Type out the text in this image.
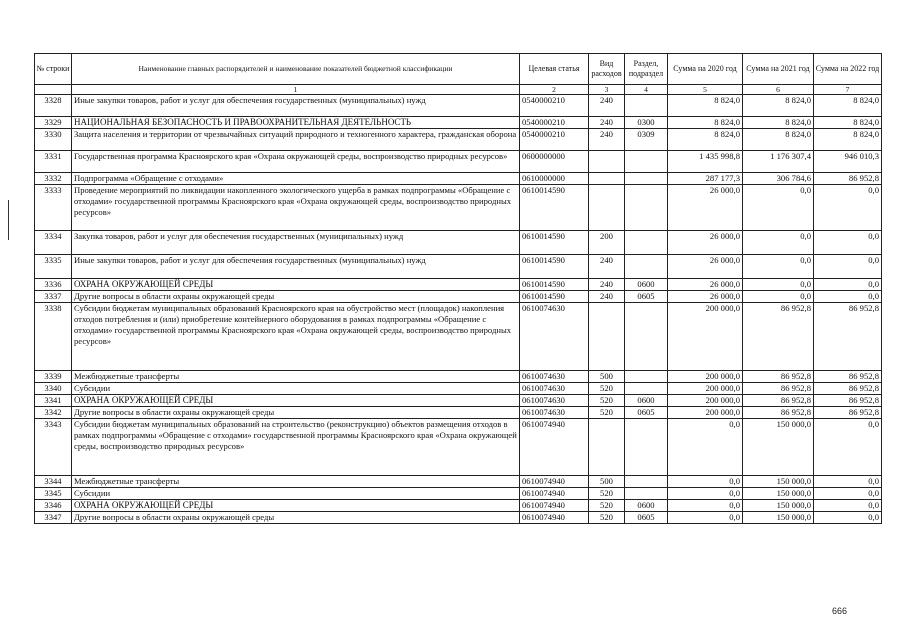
№ строки	Наименование главных распорядителей и наименование показателей бюджетной классификации	Целевая статья	Вид расходов	Раздел, подраздел	Сумма на 2020 год	Сумма на 2021 год	Сумма на 2022 год
	1	2	3	4	5	6	7
3328	Иные закупки товаров, работ и услуг для обеспечения государственных (муниципальных) нужд	0540000210	240		8 824,0	8 824,0	8 824,0
3329	НАЦИОНАЛЬНАЯ БЕЗОПАСНОСТЬ И ПРАВООХРАНИТЕЛЬНАЯ ДЕЯТЕЛЬНОСТЬ	0540000210	240	0300	8 824,0	8 824,0	8 824,0
3330	Защита населения и территории от чрезвычайных ситуаций природного и техногенного характера, гражданская оборона	0540000210	240	0309	8 824,0	8 824,0	8 824,0
3331	Государственная программа Красноярского края «Охрана окружающей среды, воспроизводство природных ресурсов»	0600000000			1 435 998,8	1 176 307,4	946 010,3
3332	Подпрограмма «Обращение с отходами»	0610000000			287 177,3	306 784,6	86 952,8
3333	Проведение мероприятий по ликвидации накопленного экологического ущерба в рамках подпрограммы «Обращение с отходами» государственной программы Красноярского края «Охрана окружающей среды, воспроизводство природных ресурсов»	0610014590			26 000,0	0,0	0,0
3334	Закупка товаров, работ и услуг для обеспечения государственных (муниципальных) нужд	0610014590	200		26 000,0	0,0	0,0
3335	Иные закупки товаров, работ и услуг для обеспечения государственных (муниципальных) нужд	0610014590	240		26 000,0	0,0	0,0
3336	ОХРАНА ОКРУЖАЮЩЕЙ СРЕДЫ	0610014590	240	0600	26 000,0	0,0	0,0
3337	Другие вопросы в области охраны окружающей среды	0610014590	240	0605	26 000,0	0,0	0,0
3338	Субсидии бюджетам муниципальных образований Красноярского края на обустройство мест (площадок) накопления отходов потребления и (или) приобретение контейнерного оборудования в рамках подпрограммы «Обращение с отходами» государственной программы Красноярского края «Охрана окружающей среды, воспроизводство природных ресурсов»	0610074630			200 000,0	86 952,8	86 952,8
3339	Межбюджетные трансферты	0610074630	500		200 000,0	86 952,8	86 952,8
3340	Субсидии	0610074630	520		200 000,0	86 952,8	86 952,8
3341	ОХРАНА ОКРУЖАЮЩЕЙ СРЕДЫ	0610074630	520	0600	200 000,0	86 952,8	86 952,8
3342	Другие вопросы в области охраны окружающей среды	0610074630	520	0605	200 000,0	86 952,8	86 952,8
3343	Субсидии бюджетам муниципальных образований на строительство (реконструкцию) объектов размещения отходов в рамках подпрограммы «Обращение с отходами» государственной программы Красноярского края «Охрана окружающей среды, воспроизводство природных ресурсов»	0610074940			0,0	150 000,0	0,0
3344	Межбюджетные трансферты	0610074940	500		0,0	150 000,0	0,0
3345	Субсидии	0610074940	520		0,0	150 000,0	0,0
3346	ОХРАНА ОКРУЖАЮЩЕЙ СРЕДЫ	0610074940	520	0600	0,0	150 000,0	0,0
3347	Другие вопросы в области охраны окружающей среды	0610074940	520	0605	0,0	150 000,0	0,0
666
